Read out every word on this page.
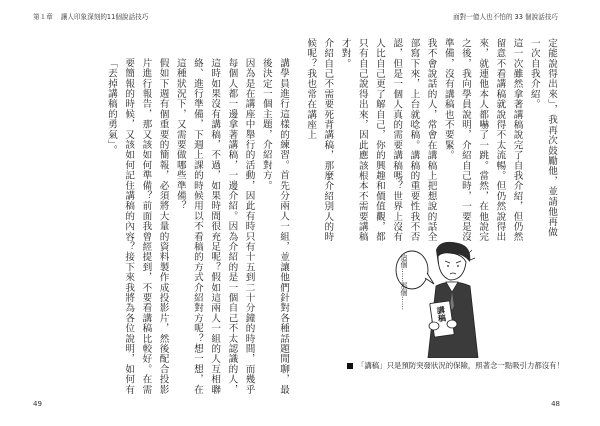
第１章 讓人印象深刻的11個說話技巧

講學員進行這樣的練習。首先分兩人一組，並讓他們針對各種話題閒聊，最後決定一個主題，介紹對方。

因為是在講座中舉行的活動，因此有時只有十五到二十分鐘的時間，而幾乎每個人都一邊拿著講稿，一邊介紹。因為介紹的是一個自己不太認識的人，這時如果沒有講稿，不過，如果時間很充足呢？假如這兩人一組的人互相聯絡、進行準備，下週上課的時候用以不看稿的方式介紹對方呢？想一想，在這種狀況下，又需要做哪些準備？

假如下週有個重要的簡報，必須將大量的資料製作成投影片，然後配合投影片進行報告，那又該如何準備？前面我曾經提到，不要看講稿比較好。在需要簡報的時候，又該如何記住講稿的內容？接下來我將為各位說明，如何有「丟掉講稿的勇氣」。

49
面對一億人也不怕的 33 個說話技巧
48

定能說得出來」，我再次鼓勵他，並請他再做一次自我介紹。

這一次雖然拿著講稿說完了自我介紹，但仍然留意不看講稿就說得不太流暢。但仍然說得出來，就連他本人都嚇了一跳。當然，在他說完之後，我向學員說明，介紹自己時，一要是沒準備，沒有講稿也不要緊。

我不會說話的人，常會在講稿上把想說的話全部寫下來，上台就唸稿。講稿的重要性我不否認，但是一個人真的需要講稿嗎？世界上沒有人比自己更了解自己，你的興趣和價值觀，都只有自己說得出來，因此應該根本不需要講稿才對。

介紹自己不需要死背講稿，那麼介紹別人的時候呢？我也常在講座上

這個……那個……
講稿
「講稿」只是預防突發狀況的保險，照著念一點吸引力都沒有！
